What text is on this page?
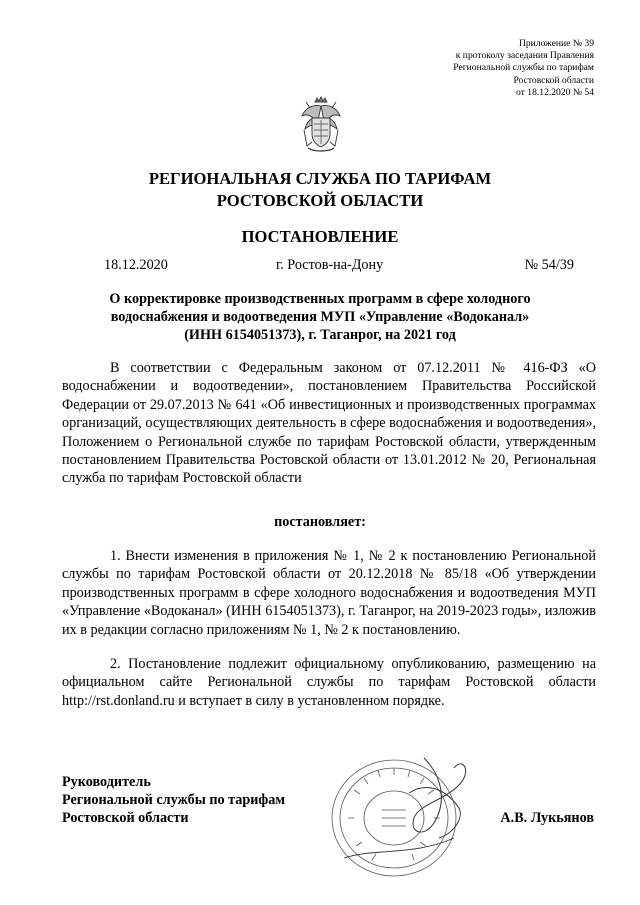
Приложение № 39
к протоколу заседания Правления
Региональной службы по тарифам
Ростовской области
от 18.12.2020 № 54
РЕГИОНАЛЬНАЯ СЛУЖБА ПО ТАРИФАМ
РОСТОВСКОЙ ОБЛАСТИ
ПОСТАНОВЛЕНИЕ
18.12.2020	г. Ростов-на-Дону	№ 54/39
О корректировке производственных программ в сфере холодного
водоснабжения и водоотведения МУП «Управление «Водоканал»
(ИНН 6154051373), г. Таганрог, на 2021 год
В соответствии с Федеральным законом от 07.12.2011 № 416-ФЗ «О водоснабжении и водоотведении», постановлением Правительства Российской Федерации от 29.07.2013 № 641 «Об инвестиционных и производственных программах организаций, осуществляющих деятельность в сфере водоснабжения и водоотведения», Положением о Региональной службе по тарифам Ростовской области, утвержденным постановлением Правительства Ростовской области от 13.01.2012 № 20, Региональная служба по тарифам Ростовской области
постановляет:
1. Внести изменения в приложения № 1, № 2 к постановлению Региональной службы по тарифам Ростовской области от 20.12.2018 № 85/18 «Об утверждении производственных программ в сфере холодного водоснабжения и водоотведения МУП «Управление «Водоканал» (ИНН 6154051373), г. Таганрог, на 2019-2023 годы», изложив их в редакции согласно приложениям № 1, № 2 к постановлению.
2. Постановление подлежит официальному опубликованию, размещению на официальном сайте Региональной службы по тарифам Ростовской области http://rst.donland.ru и вступает в силу в установленном порядке.
Руководитель
Региональной службы по тарифам
Ростовской области	А.В. Лукьянов
